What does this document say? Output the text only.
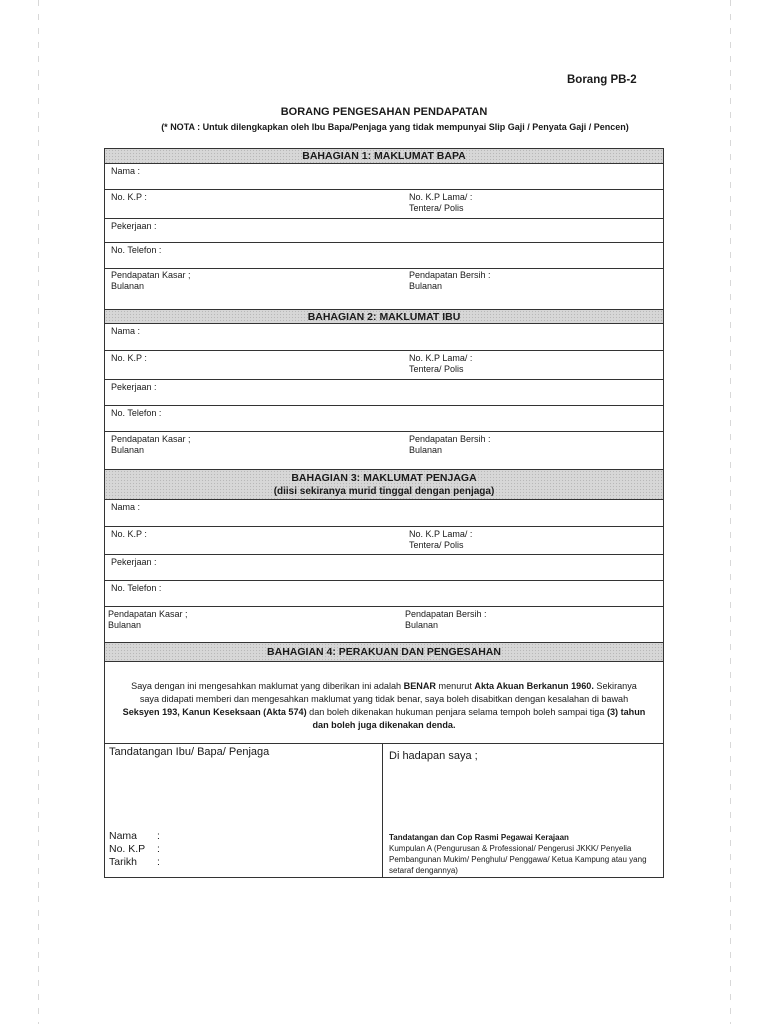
Borang PB-2
BORANG PENGESAHAN PENDAPATAN
(* NOTA : Untuk dilengkapkan oleh Ibu Bapa/Penjaga yang tidak mempunyai Slip Gaji / Penyata Gaji / Pencen)
BAHAGIAN 1: MAKLUMAT BAPA
Nama :
No. K.P :	No. K.P Lama/ :
Tentera/ Polis
Pekerjaan :
No. Telefon :
Pendapatan Kasar ;
Bulanan
Pendapatan Bersih :
Bulanan
BAHAGIAN 2: MAKLUMAT IBU
Nama :
No. K.P :	No. K.P Lama/ :
Tentera/ Polis
Pekerjaan :
No. Telefon :
Pendapatan Kasar ;
Bulanan
Pendapatan Bersih :
Bulanan
BAHAGIAN 3: MAKLUMAT PENJAGA
(diisi sekiranya murid tinggal dengan penjaga)
Nama :
No. K.P :	No. K.P Lama/ :
Tentera/ Polis
Pekerjaan :
No. Telefon :
Pendapatan Kasar ;
Bulanan
Pendapatan Bersih :
Bulanan
BAHAGIAN 4: PERAKUAN DAN PENGESAHAN
Saya dengan ini mengesahkan maklumat yang diberikan ini adalah BENAR menurut Akta Akuan Berkanun 1960. Sekiranya saya didapati memberi dan mengesahkan maklumat yang tidak benar, saya boleh disabitkan dengan kesalahan di bawah Seksyen 193, Kanun Keseksaan (Akta 574) dan boleh dikenakan hukuman penjara selama tempoh boleh sampai tiga (3) tahun dan boleh juga dikenakan denda.
Tandatangan Ibu/ Bapa/ Penjaga
Nama :
No. K.P :
Tarikh :
Di hadapan saya ;
Tandatangan dan Cop Rasmi Pegawai Kerajaan
Kumpulan A (Pengurusan & Professional/ Pengerusi JKKK/ Penyelia Pembangunan Mukim/ Penghulu/ Penggawa/ Ketua Kampung atau yang setaraf dengannya)
